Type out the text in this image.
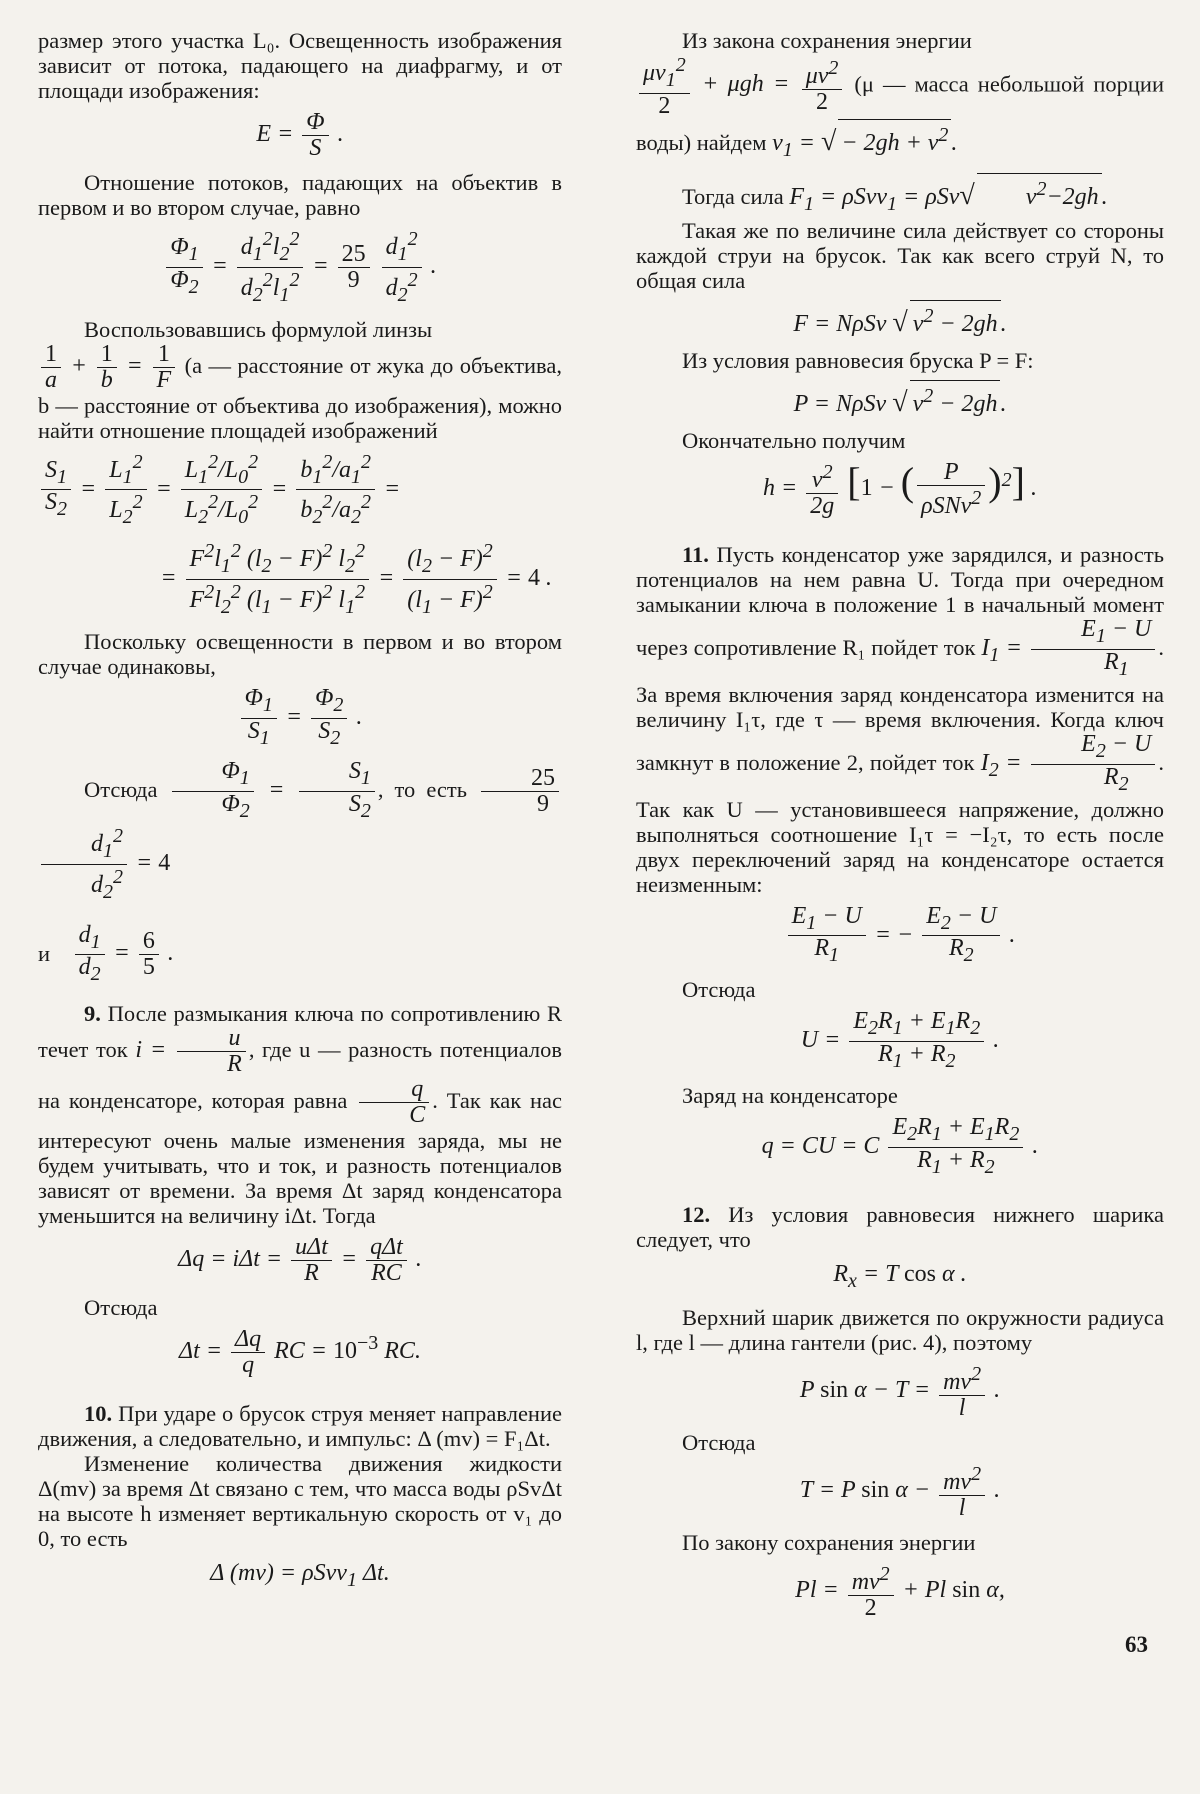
размер этого участка L₀. Освещенность изображения зависит от потока, падающего на диафрагму, и от площади изображения:

$E = \frac{\Phi}{S}$ .

Отношение потоков, падающих на объектив в первом и во втором случае, равно

$\frac{\Phi_1}{\Phi_2} = \frac{d_1^2l_2^2}{d_2^2l_1^2} = \frac{25}{9}$
$\frac{d_1^2}{d_2^2}$ .

Воспользовавшись формулой линзы

$\frac{1}{a} + \frac{1}{b} = \frac{1}{F} (a$ — расстояние от жука до объектива, b — расстояние от объектива до изображения), можно найти отношение площадей изображений

$\frac{S_1}{S_2} = \frac{L_1^2}{L_2^2} = \frac{L_1^2/L_0^2}{L_2^2/L_0^2} = \frac{b_1^2/a_1^2}{b_2^2/a_2^2}$ =
= $\frac{F^2l_1^2 (l_2 - F)^2 l_2^2}{F^2l_2^2 (l_1 - F)^2 l_1^2} = \frac{(l_2 - F)^2}{(l_1 - F)^2} = 4$ .

Поскольку освещенности в первом и во втором случае одинаковы,

$\frac{\Phi_1}{S_1} = \frac{\Phi_2}{S_2}$ .

Отсюда $\frac{\Phi_1}{\Phi_2} = \frac{S_1}{S_2}$ , то есть $\frac{25}{9}$
$\frac{d_1^2}{d_2^2} = 4$

и $\frac{d_1}{d_2} = \frac{6}{5}$ .

9. После размыкания ключа по сопротивлению R течет ток $i = \frac{u}{R}$ , где u — разность потенциалов на конденсаторе, которая равна $\frac{q}{C}$ . Так как нас интересуют очень малые изменения заряда, мы не будем учитывать, что и ток, и разность потенциалов зависят от времени. За время Δt заряд конденсатора уменьшится на величину iΔt. Тогда

$\Delta q = i\Delta t = \frac{\text{uΔt}}{R} = \frac{\text{qΔt}}{RC}$ .

Отсюда

$\Delta t = \frac{\Delta q}{q}$ RC = $10^{-3}$ RC.

10. При ударе о брусок струя меняет направление движения, а следовательно, и импульс: Δ (mv) = F₁Δt.

Изменение количества движения жидкости Δ(mv) за время Δt связано с тем, что масса воды ρSvΔt на высоте h изменяет вертикальную скорость от v₁ до 0, то есть

Δ (mv) = ρSvv$_1$ Δt.

Из закона сохранения энергии

$\frac{\mu v_1^2}{2} + \mu gh = \frac{\mu v^2}{2} (\mu$ — масса небольшой порции воды) найдем $v_1$ = √ − $2gh + v^2$ .

Тогда сила $F_1 = \rho Svv_1 = \rho Sv√$ $v^2-2gh$ .

Такая же по величине сила действует со стороны каждой струи на брусок. Так как всего струй N, то общая сила

F = NρSv √ $v^2 - 2gh$ .

Из условия равновесия бруска P = F:

P = NρSv √ $v^2 - 2gh$ .

Окончательно получим

$h = \frac{v^2}{2g} [1$ − ( $\frac{P}{\rho SNv^2} )^2$] .

11. Пусть конденсатор уже зарядился, и разность потенциалов на нем равна U. Тогда при очередном замыкании ключа в положение 1 в начальный момент через сопротивление R₁ пойдет ток $I_1 = \frac{E_1 - U}{R_1}$ . За время включения заряд конденсатора изменится на величину I₁τ, где τ — время включения. Когда ключ замкнут в положение 2, пойдет ток $I_2 = \frac{E_2 - U}{R_2}$ . Так как U — установившееся напряжение, должно выполняться соотношение I₁τ = −I₂τ, то есть после двух переключений заряд на конденсаторе остается неизменным:

$\frac{E_1 - U}{R_1}$ = − $\frac{E_2 - U}{R_2}$ .

Отсюда

$U = \frac{E_2R_1 + E_1R_2}{R_1 + R_2}$ .

Заряд на конденсаторе

q = CU = C $\frac{E_2R_1 + E_1R_2}{R_1 + R_2}$ .

12. Из условия равновесия нижнего шарика следует, что

$R_x = T$ cos α .

Верхний шарик движется по окружности радиуса l, где l — длина гантели (рис. 4), поэтому

P $\sin \alpha - T = \frac{mv^2}{l}$ .

Отсюда

T = P $\sin \alpha - \frac{mv^2}{l}$ .

По закону сохранения энергии

$Pl = \frac{mv^2}{2} + Pl$ sin α,
63
